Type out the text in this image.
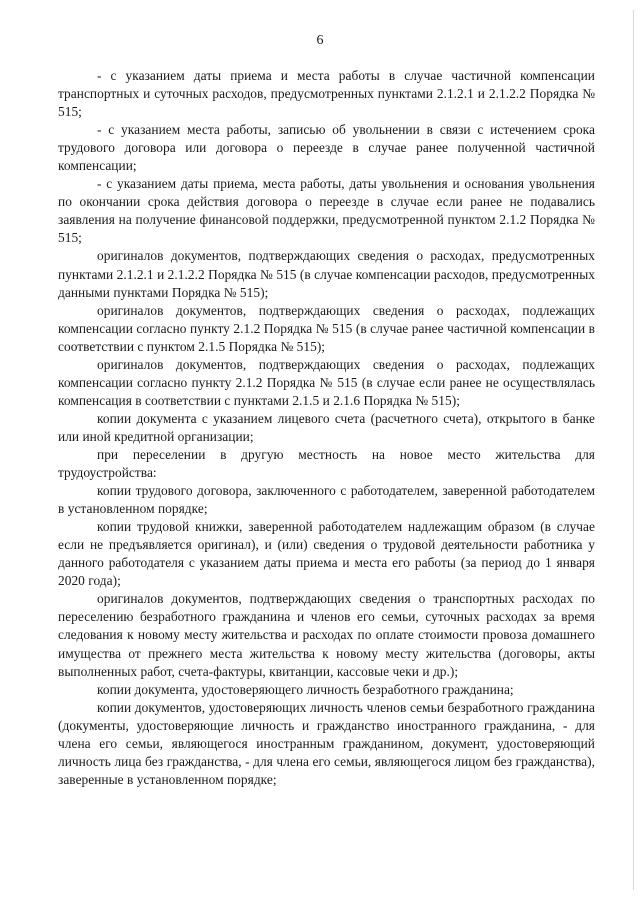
6

- с указанием даты приема и места работы в случае частичной компенсации транспортных и суточных расходов, предусмотренных пунктами 2.1.2.1 и 2.1.2.2 Порядка № 515;

- с указанием места работы, записью об увольнении в связи с истечением срока трудового договора или договора о переезде в случае ранее полученной частичной компенсации;

- с указанием даты приема, места работы, даты увольнения и основания увольнения по окончании срока действия договора о переезде в случае если ранее не подавались заявления на получение финансовой поддержки, предусмотренной пунктом 2.1.2 Порядка № 515;

оригиналов документов, подтверждающих сведения о расходах, предусмотренных пунктами 2.1.2.1 и 2.1.2.2 Порядка № 515 (в случае компенсации расходов, предусмотренных данными пунктами Порядка № 515);

оригиналов документов, подтверждающих сведения о расходах, подлежащих компенсации согласно пункту 2.1.2 Порядка № 515 (в случае ранее частичной компенсации в соответствии с пунктом 2.1.5 Порядка № 515);

оригиналов документов, подтверждающих сведения о расходах, подлежащих компенсации согласно пункту 2.1.2 Порядка № 515 (в случае если ранее не осуществлялась компенсация в соответствии с пунктами 2.1.5 и 2.1.6 Порядка № 515);

копии документа с указанием лицевого счета (расчетного счета), открытого в банке или иной кредитной организации;

при переселении в другую местность на новое место жительства для трудоустройства:

копии трудового договора, заключенного с работодателем, заверенной работодателем в установленном порядке;

копии трудовой книжки, заверенной работодателем надлежащим образом (в случае если не предъявляется оригинал), и (или) сведения о трудовой деятельности работника у данного работодателя с указанием даты приема и места его работы (за период до 1 января 2020 года);

оригиналов документов, подтверждающих сведения о транспортных расходах по переселению безработного гражданина и членов его семьи, суточных расходах за время следования к новому месту жительства и расходах по оплате стоимости провоза домашнего имущества от прежнего места жительства к новому месту жительства (договоры, акты выполненных работ, счета-фактуры, квитанции, кассовые чеки и др.);

копии документа, удостоверяющего личность безработного гражданина;

копии документов, удостоверяющих личность членов семьи безработного гражданина (документы, удостоверяющие личность и гражданство иностранного гражданина, - для члена его семьи, являющегося иностранным гражданином, документ, удостоверяющий личность лица без гражданства, - для члена его семьи, являющегося лицом без гражданства), заверенные в установленном порядке;
